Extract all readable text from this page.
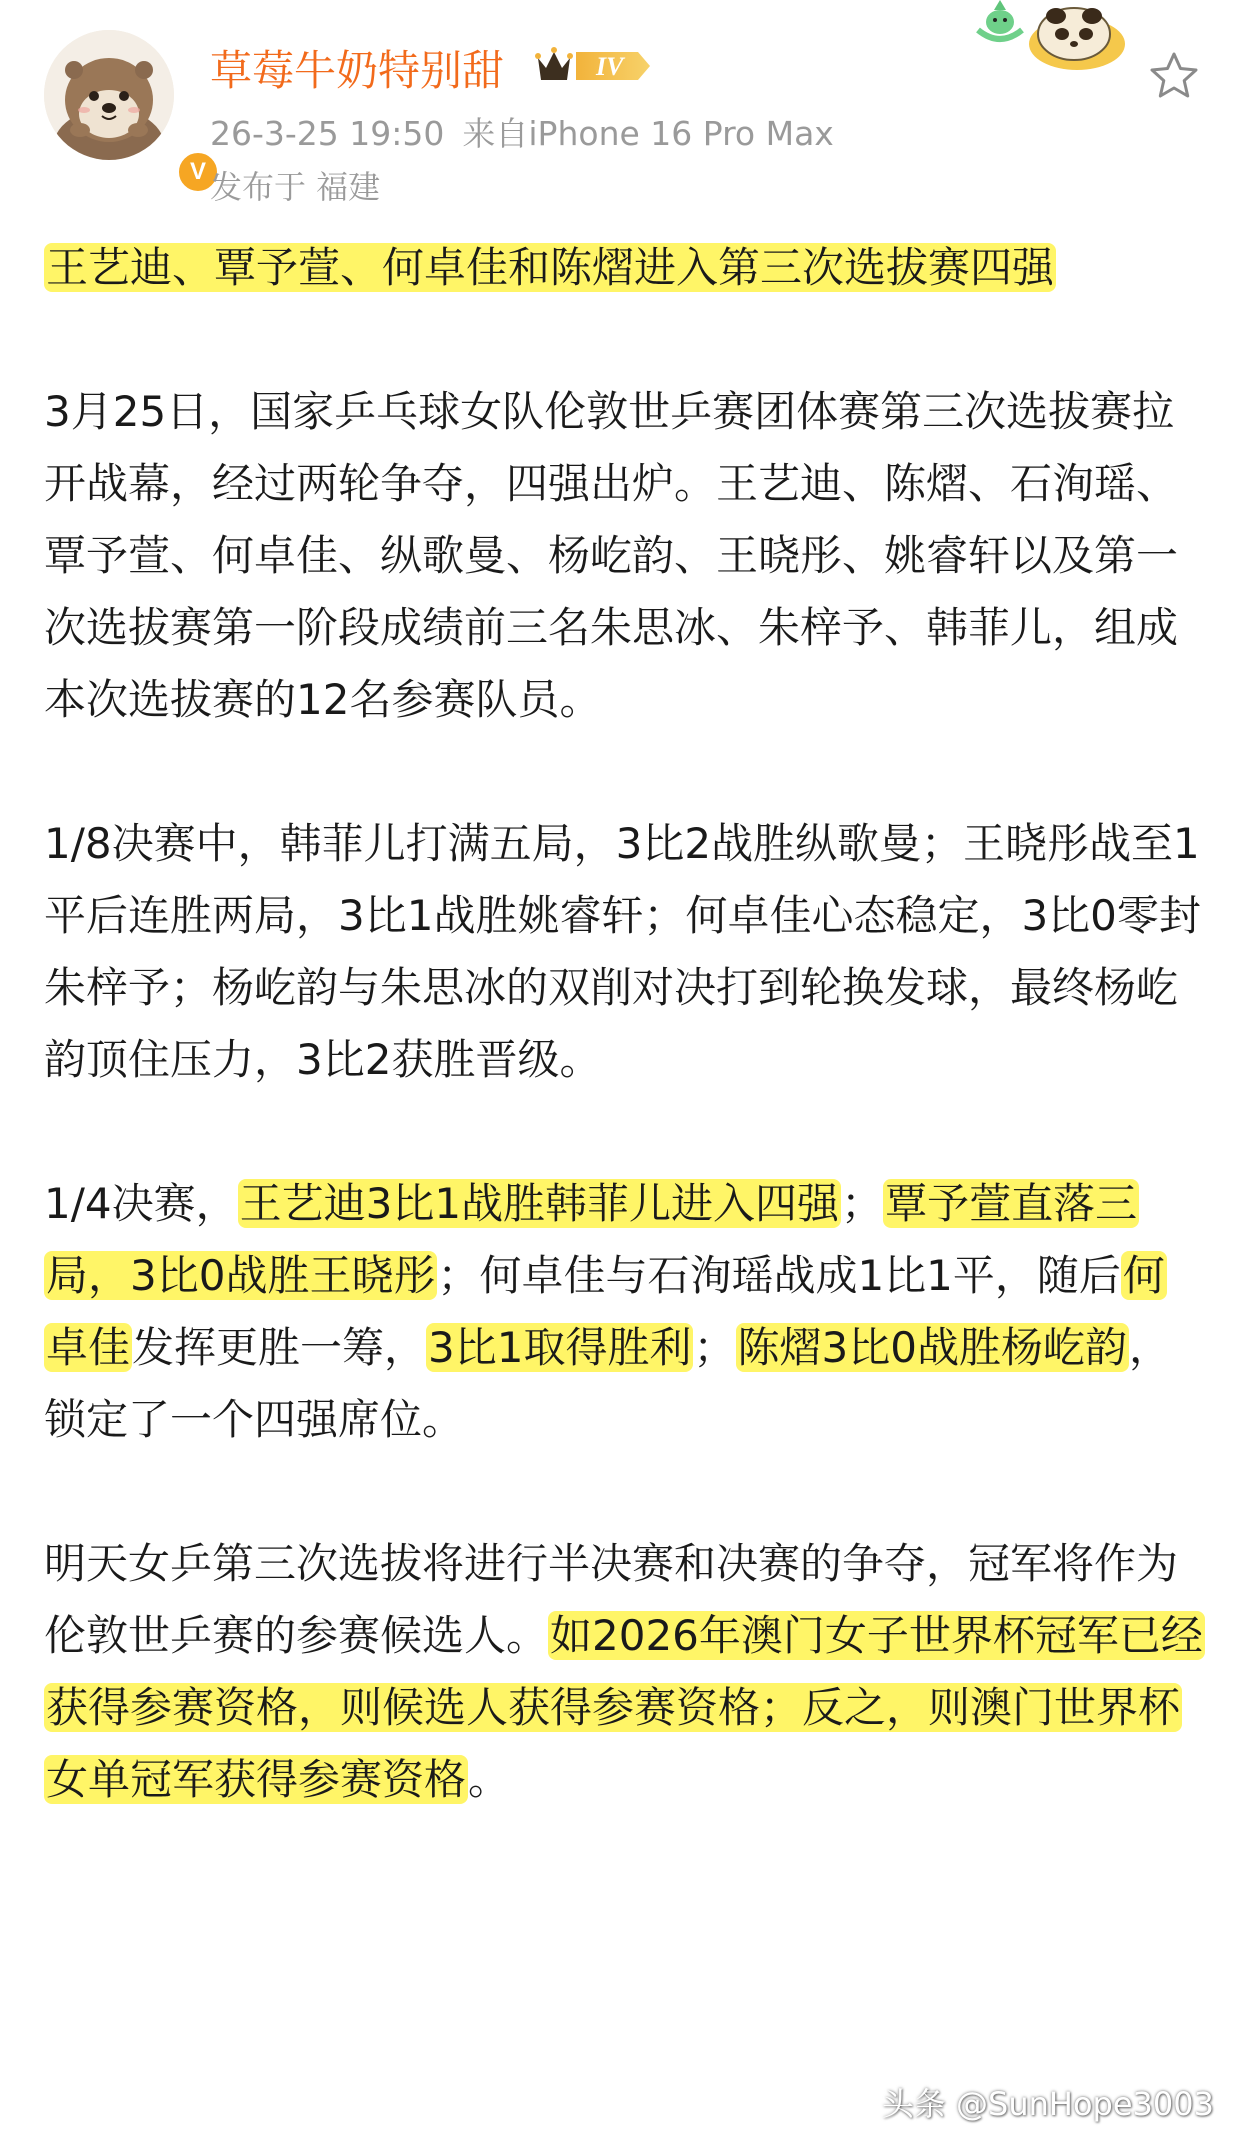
V
草莓牛奶特别甜	IV
26-3-25 19:50 来自iPhone 16 Pro Max
发布于 福建

王艺迪、覃予萱、何卓佳和陈熠进入第三次选拔赛四强

3月25日，国家乒乓球女队伦敦世乒赛团体赛第三次选拔赛拉开战幕，经过两轮争夺，四强出炉。王艺迪、陈熠、石洵瑶、覃予萱、何卓佳、纵歌曼、杨屹韵、王晓彤、姚睿轩以及第一次选拔赛第一阶段成绩前三名朱思冰、朱梓予、韩菲儿，组成本次选拔赛的12名参赛队员。

1/8决赛中，韩菲儿打满五局，3比2战胜纵歌曼；王晓彤战至1平后连胜两局，3比1战胜姚睿轩；何卓佳心态稳定，3比0零封朱梓予；杨屹韵与朱思冰的双削对决打到轮换发球，最终杨屹韵顶住压力，3比2获胜晋级。

1/4决赛，王艺迪3比1战胜韩菲儿进入四强；覃予萱直落三局，3比0战胜王晓彤；何卓佳与石洵瑶战成1比1平，随后何卓佳发挥更胜一筹，3比1取得胜利；陈熠3比0战胜杨屹韵，锁定了一个四强席位。

明天女乒第三次选拔将进行半决赛和决赛的争夺，冠军将作为伦敦世乒赛的参赛候选人。如2026年澳门女子世界杯冠军已经获得参赛资格，则候选人获得参赛资格；反之，则澳门世界杯女单冠军获得参赛资格。

头条 @SunHope3003
